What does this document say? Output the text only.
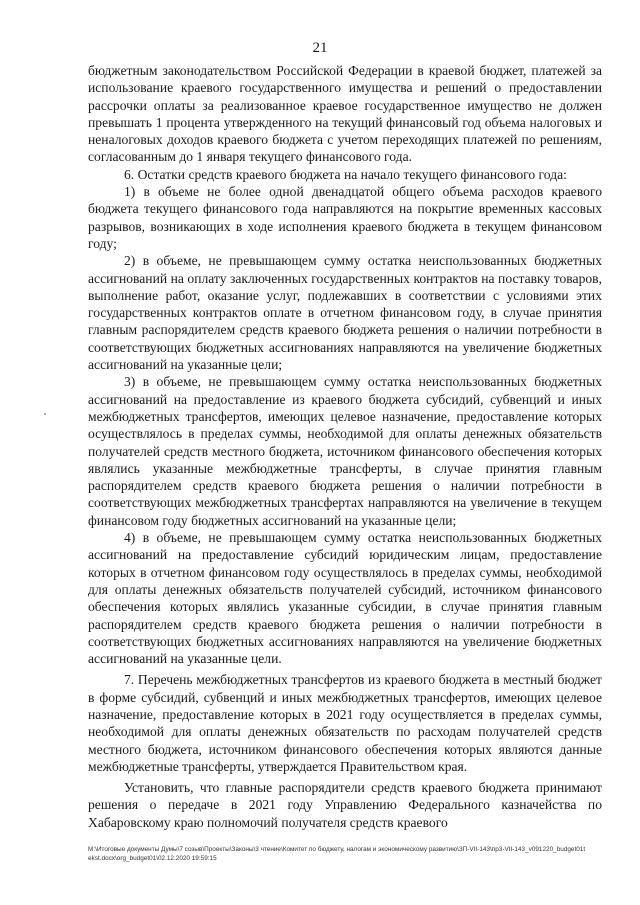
21

бюджетным законодательством Российской Федерации в краевой бюджет, платежей за использование краевого государственного имущества и решений о предоставлении рассрочки оплаты за реализованное краевое государственное имущество не должен превышать 1 процента утвержденного на текущий финансовый год объема налоговых и неналоговых доходов краевого бюджета с учетом переходящих платежей по решениям, согласованным до 1 января текущего финансового года.

6. Остатки средств краевого бюджета на начало текущего финансового года:

1) в объеме не более одной двенадцатой общего объема расходов краевого бюджета текущего финансового года направляются на покрытие временных кассовых разрывов, возникающих в ходе исполнения краевого бюджета в текущем финансовом году;

2) в объеме, не превышающем сумму остатка неиспользованных бюджетных ассигнований на оплату заключенных государственных контрактов на поставку товаров, выполнение работ, оказание услуг, подлежавших в соответствии с условиями этих государственных контрактов оплате в отчетном финансовом году, в случае принятия главным распорядителем средств краевого бюджета решения о наличии потребности в соответствующих бюджетных ассигнованиях направляются на увеличение бюджетных ассигнований на указанные цели;

3) в объеме, не превышающем сумму остатка неиспользованных бюджетных ассигнований на предоставление из краевого бюджета субсидий, субвенций и иных межбюджетных трансфертов, имеющих целевое назначение, предоставление которых осуществлялось в пределах суммы, необходимой для оплаты денежных обязательств получателей средств местного бюджета, источником финансового обеспечения которых являлись указанные межбюджетные трансферты, в случае принятия главным распорядителем средств краевого бюджета решения о наличии потребности в соответствующих межбюджетных трансфертах направляются на увеличение в текущем финансовом году бюджетных ассигнований на указанные цели;

4) в объеме, не превышающем сумму остатка неиспользованных бюджетных ассигнований на предоставление субсидий юридическим лицам, предоставление которых в отчетном финансовом году осуществлялось в пределах суммы, необходимой для оплаты денежных обязательств получателей субсидий, источником финансового обеспечения которых являлись указанные субсидии, в случае принятия главным распорядителем средств краевого бюджета решения о наличии потребности в соответствующих бюджетных ассигнованиях направляются на увеличение бюджетных ассигнований на указанные цели.

7. Перечень межбюджетных трансфертов из краевого бюджета в местный бюджет в форме субсидий, субвенций и иных межбюджетных трансфертов, имеющих целевое назначение, предоставление которых в 2021 году осуществляется в пределах суммы, необходимой для оплаты денежных обязательств по расходам получателей средств местного бюджета, источником финансового обеспечения которых являются данные межбюджетные трансферты, утверждается Правительством края.

Установить, что главные распорядители средств краевого бюджета принимают решения о передаче в 2021 году Управлению Федерального казначейства по Хабаровскому краю полномочий получателя средств краевого

M:\Итоговые документы Думы\7 созыв\Проекты\Законы\3 чтение\Комитет по бюджету, налогам и экономическому развитию\ЗП-VII-143\пр3-VII-143_v091220_budget01tekst.docx\org_budget01\02.12.2020 19:59:15
